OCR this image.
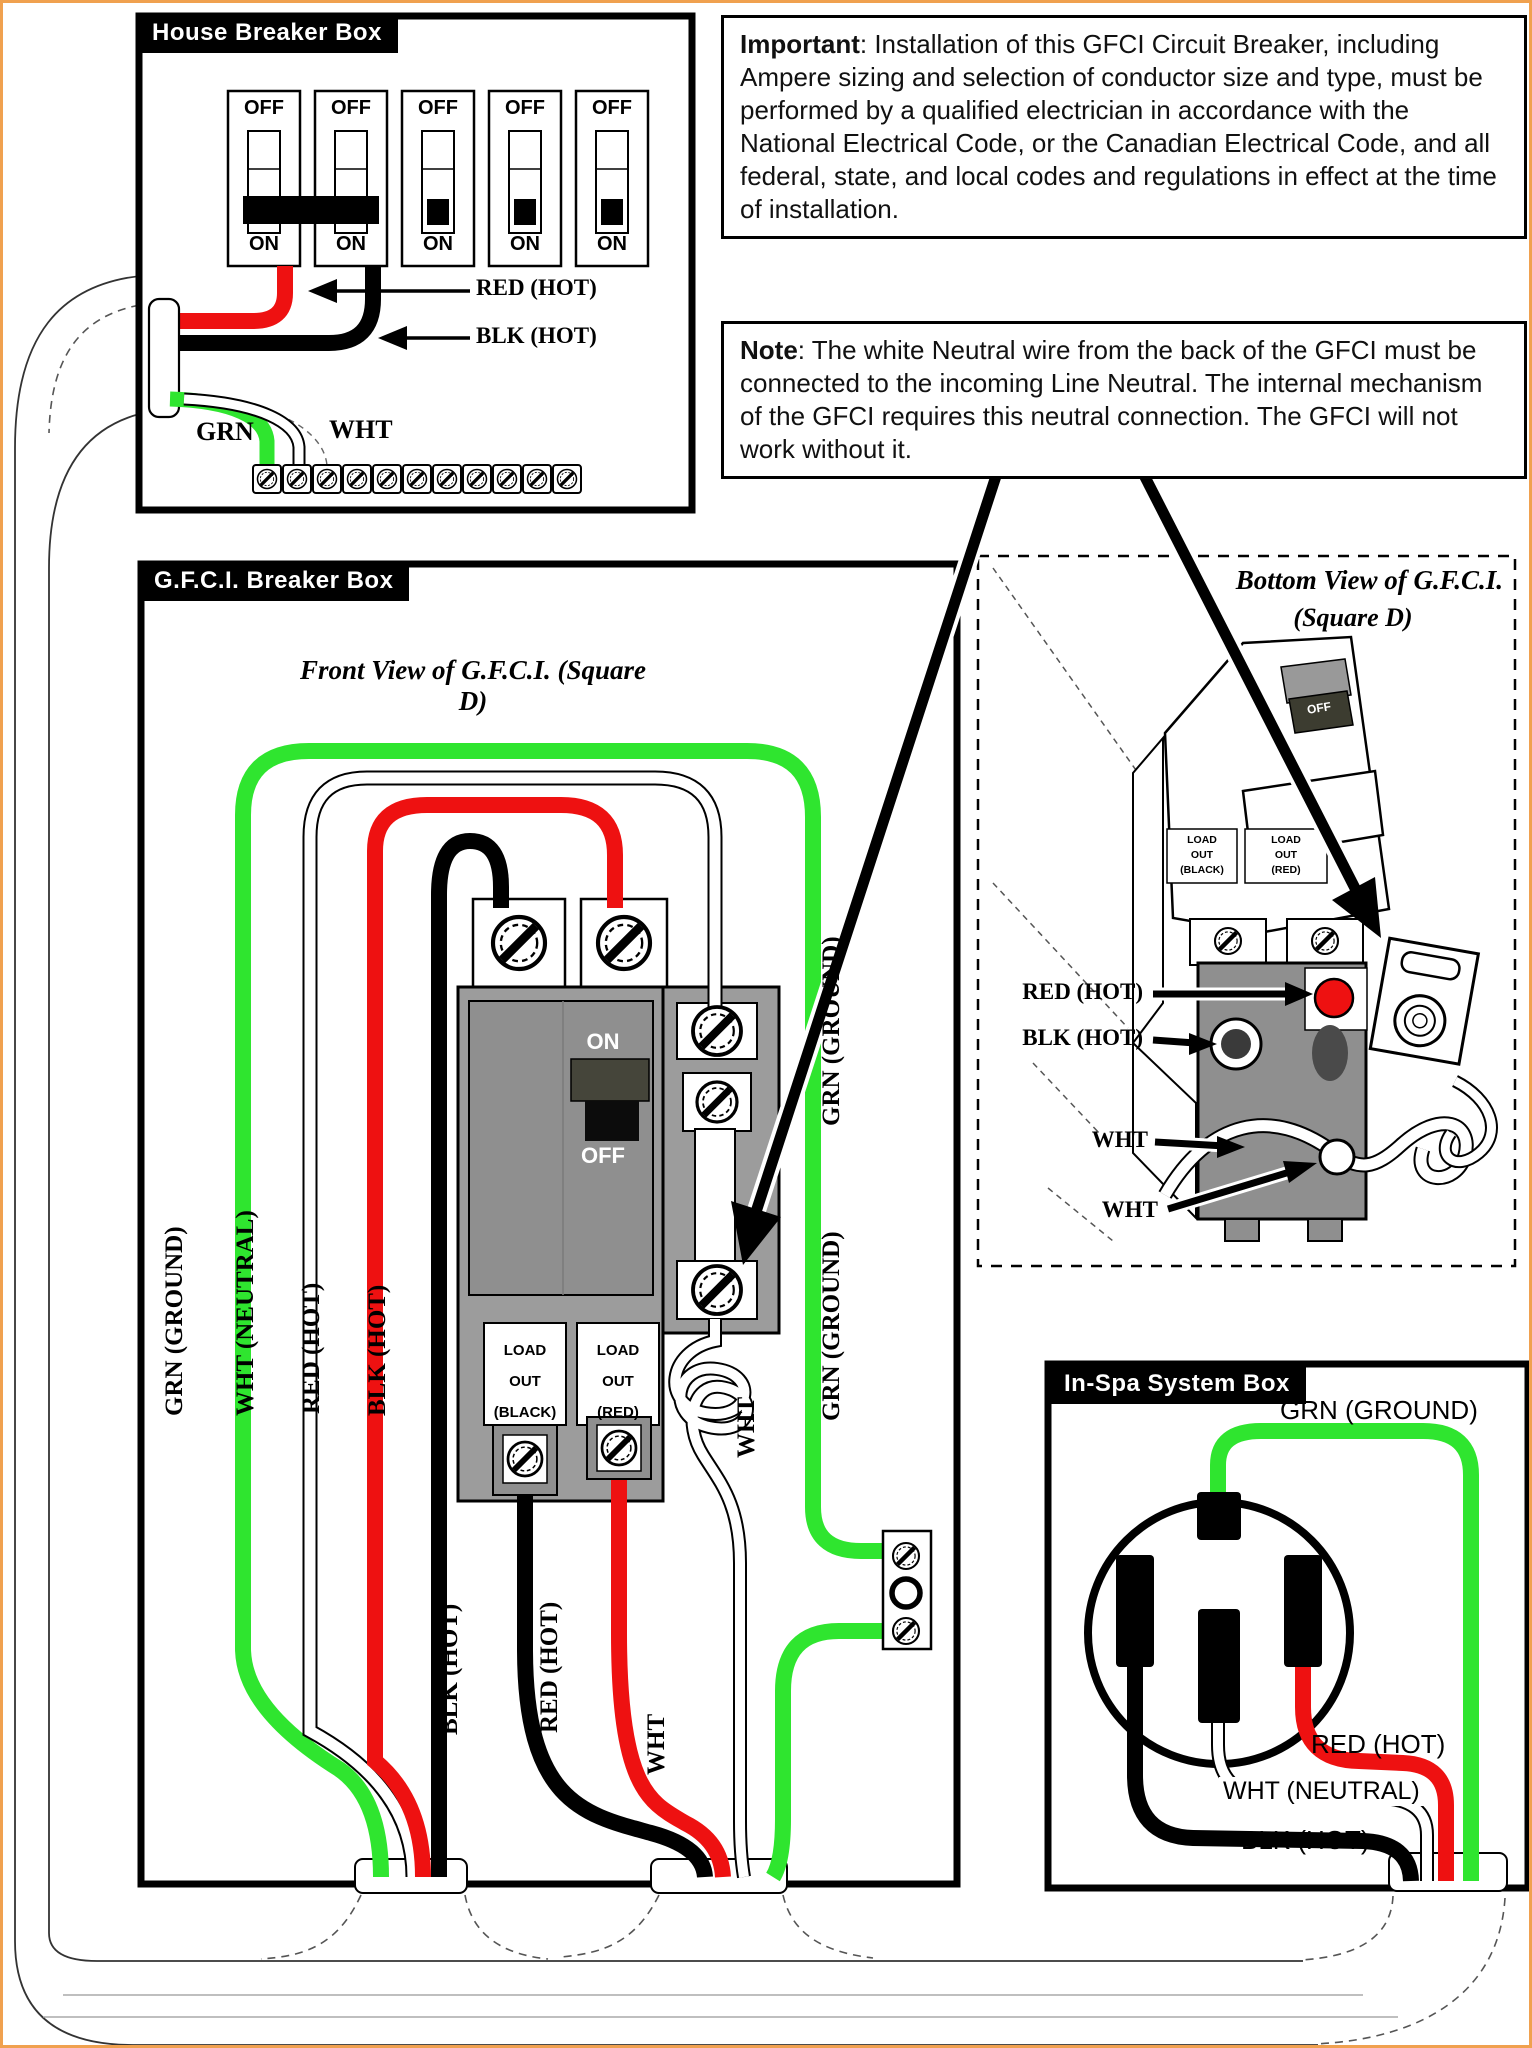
House Breaker Box
OFF	OFF	OFF	OFF	OFF
ON	ON	ON	ON	ON
RED (HOT)
BLK (HOT)
GRN	WHT
Important: Installation of this GFCI Circuit Breaker, including Ampere sizing and selection of conductor size and type, must be performed by a qualified electrician in accordance with the National Electrical Code, or the Canadian Electrical Code, and all federal, state, and local codes and regulations in effect at the time of installation.
Note: The white Neutral wire from the back of the GFCI must be connected to the incoming Line Neutral. The internal mechanism of the GFCI requires this neutral connection. The GFCI will not work without it.
G.F.C.I. Breaker Box
Front View of G.F.C.I. (Square D)
GRN (GROUND) WHT (NEUTRAL) RED (HOT) BLK (HOT)
ON
OFF
LOAD
OUT
(BLACK)
LOAD
OUT
(RED)
BLK (HOT)	RED (HOT)
WHT
WHT
GRN (GROUND)
GRN (GROUND)
Bottom View of G.F.C.I.
(Square D)
OFF
LOAD
OUT
(BLACK)
LOAD
OUT
(RED)
RED (HOT)
BLK (HOT)
WHT
WHT
In-Spa System Box
GRN (GROUND)
RED (HOT)
WHT (NEUTRAL)
BLK (HOT)
